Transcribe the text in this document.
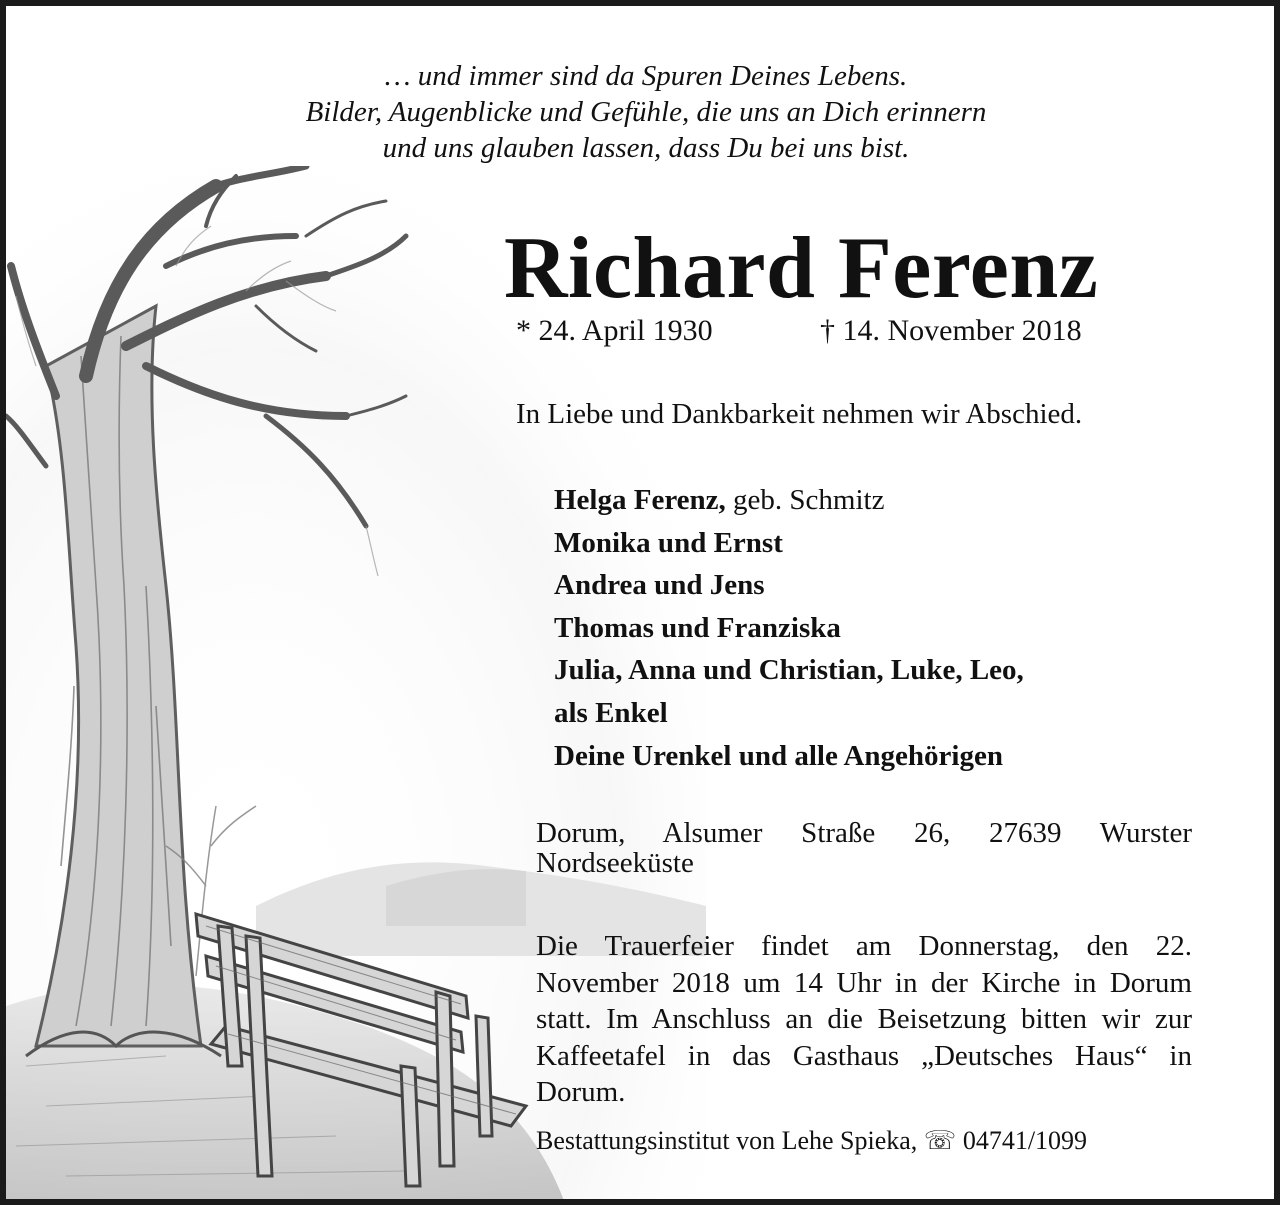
… und immer sind da Spuren Deines Lebens.
Bilder, Augenblicke und Gefühle, die uns an Dich erinnern
und uns glauben lassen, dass Du bei uns bist.
Richard Ferenz
* 24. April 1930	† 14. November 2018
In Liebe und Dankbarkeit nehmen wir Abschied.
Helga Ferenz, geb. Schmitz
Monika und Ernst
Andrea und Jens
Thomas und Franziska
Julia, Anna und Christian, Luke, Leo,
als Enkel
Deine Urenkel und alle Angehörigen
Dorum, Alsumer Straße 26, 27639 Wurster Nordseeküste
Die Trauerfeier findet am Donnerstag, den 22. November 2018 um 14 Uhr in der Kirche in Dorum statt. Im Anschluss an die Beisetzung bitten wir zur Kaffeetafel in das Gasthaus „Deutsches Haus“ in Dorum.
Bestattungsinstitut von Lehe Spieka, ☏ 04741/1099
